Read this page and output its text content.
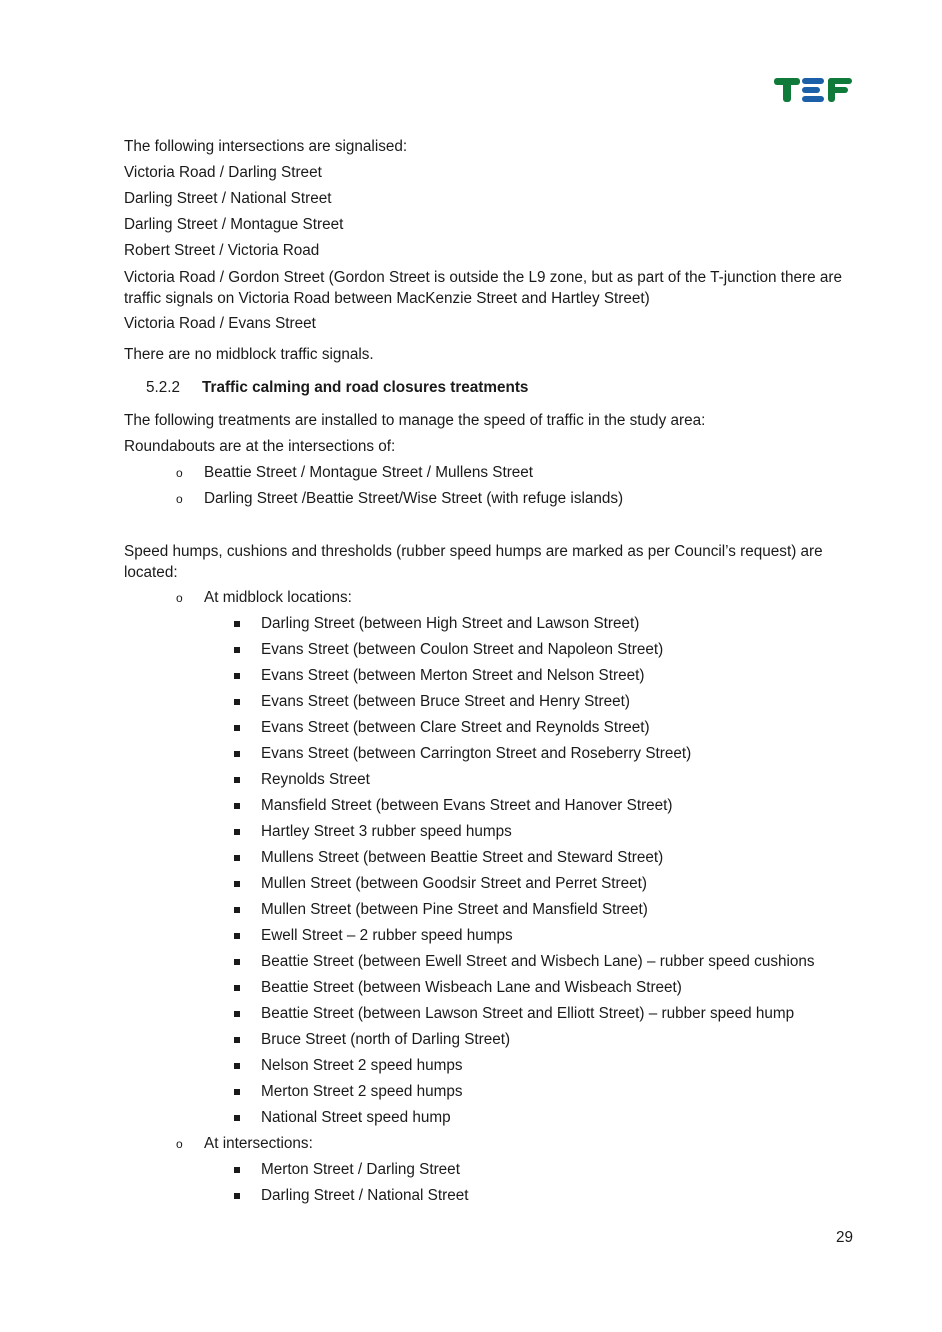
The following intersections are signalised:
Victoria Road / Darling Street
Darling Street / National Street
Darling Street / Montague Street
Robert Street / Victoria Road
Victoria Road / Gordon Street (Gordon Street is outside the L9 zone, but as part of the T-junction there are traffic signals on Victoria Road between MacKenzie Street and Hartley Street)
Victoria Road / Evans Street
There are no midblock traffic signals.
5.2.2 Traffic calming and road closures treatments
The following treatments are installed to manage the speed of traffic in the study area:
Roundabouts are at the intersections of:
o Beattie Street / Montague Street / Mullens Street
o Darling Street /Beattie Street/Wise Street (with refuge islands)
Speed humps, cushions and thresholds (rubber speed humps are marked as per Council’s request) are located:
o At midblock locations:
Darling Street (between High Street and Lawson Street)
Evans Street (between Coulon Street and Napoleon Street)
Evans Street (between Merton Street and Nelson Street)
Evans Street (between Bruce Street and Henry Street)
Evans Street (between Clare Street and Reynolds Street)
Evans Street (between Carrington Street and Roseberry Street)
Reynolds Street
Mansfield Street (between Evans Street and Hanover Street)
Hartley Street 3 rubber speed humps
Mullens Street (between Beattie Street and Steward Street)
Mullen Street (between Goodsir Street and Perret Street)
Mullen Street (between Pine Street and Mansfield Street)
Ewell Street – 2 rubber speed humps
Beattie Street (between Ewell Street and Wisbech Lane) – rubber speed cushions
Beattie Street (between Wisbeach Lane and Wisbeach Street)
Beattie Street (between Lawson Street and Elliott Street) – rubber speed hump
Bruce Street (north of Darling Street)
Nelson Street 2 speed humps
Merton Street 2 speed humps
National Street speed hump
o At intersections:
Merton Street / Darling Street
Darling Street / National Street
29
